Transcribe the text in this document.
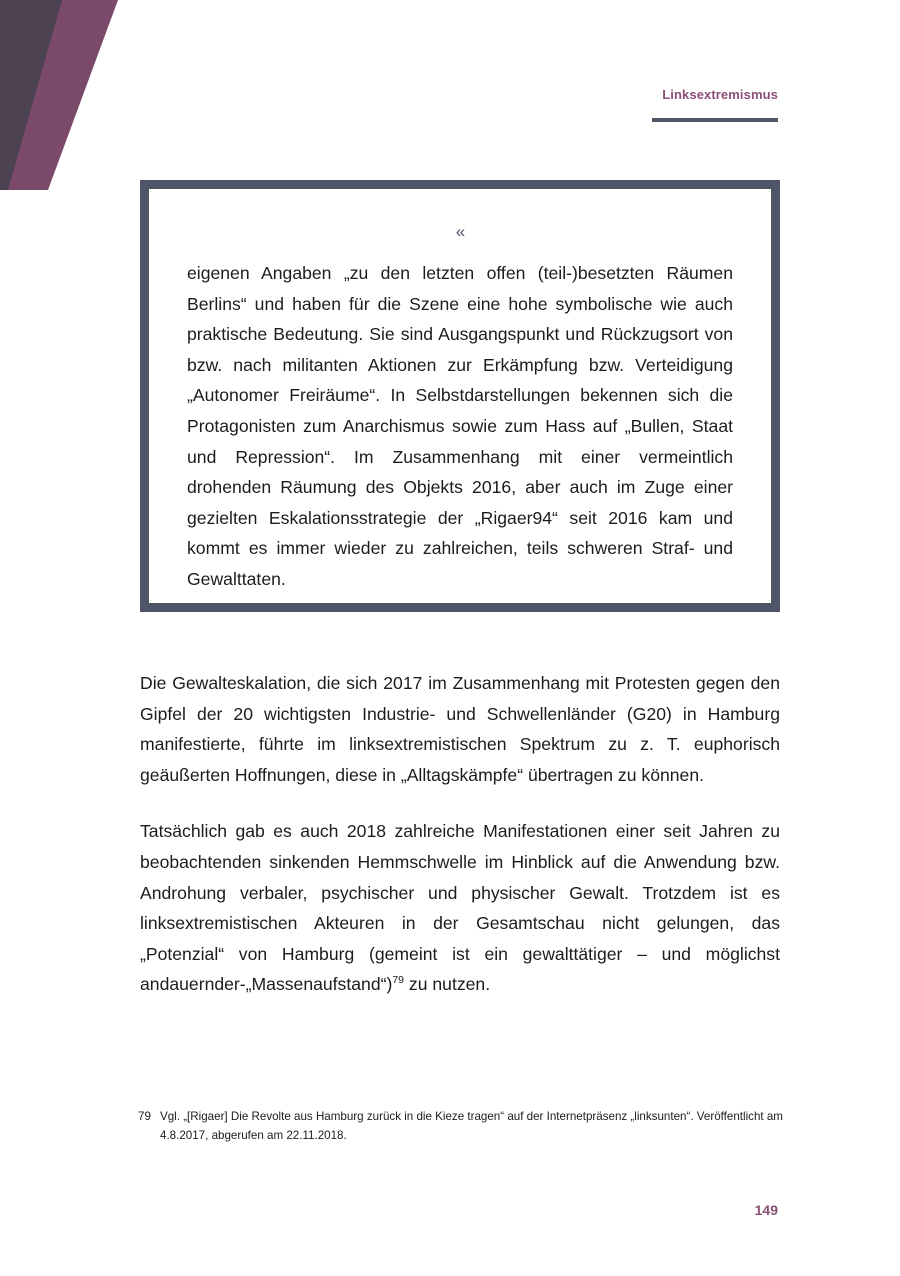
Linksextremismus
«
eigenen Angaben „zu den letzten offen (teil-)besetzten Räumen Berlins“ und haben für die Szene eine hohe symbolische wie auch praktische Bedeutung. Sie sind Ausgangspunkt und Rückzugsort von bzw. nach militanten Aktionen zur Erkämpfung bzw. Verteidigung „Autonomer Freiräume“. In Selbstdarstellungen bekennen sich die Protagonisten zum Anarchismus sowie zum Hass auf „Bullen, Staat und Repression“. Im Zusammenhang mit einer vermeintlich drohenden Räumung des Objekts 2016, aber auch im Zuge einer gezielten Eskalationsstrategie der „Rigaer94“ seit 2016 kam und kommt es immer wieder zu zahlreichen, teils schweren Straf- und Gewalttaten.

Die Gewalteskalation, die sich 2017 im Zusammenhang mit Protesten gegen den Gipfel der 20 wichtigsten Industrie- und Schwellenländer (G20) in Hamburg manifestierte, führte im linksextremistischen Spektrum zu z. T. euphorisch geäußerten Hoffnungen, diese in „Alltagskämpfe“ übertragen zu können.

Tatsächlich gab es auch 2018 zahlreiche Manifestationen einer seit Jahren zu beobachtenden sinkenden Hemmschwelle im Hinblick auf die Anwendung bzw. Androhung verbaler, psychischer und physischer Gewalt. Trotzdem ist es linksextremistischen Akteuren in der Gesamtschau nicht gelungen, das „Potenzial“ von Hamburg (gemeint ist ein gewalttätiger – und möglichst andauernder-„Massenaufstand“)$^{79}$ zu nutzen.

79 Vgl. „[Rigaer] Die Revolte aus Hamburg zurück in die Kieze tragen“ auf der Internetpräsenz „linksunten“. Veröffentlicht am 4.8.2017, abgerufen am 22.11.2018.
149
